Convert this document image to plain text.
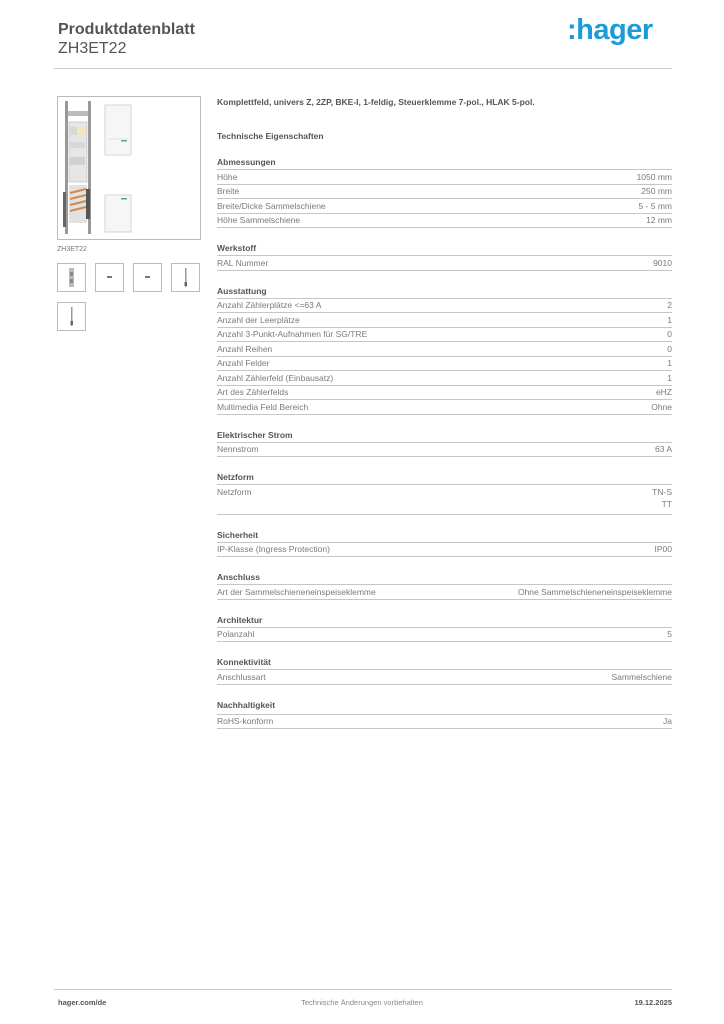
Produktdatenblatt
ZH3ET22
:hager
ZH3ET22
Komplettfeld, univers Z, 2ZP, BKE-I, 1-feldig, Steuerklemme 7-pol., HLAK 5-pol.
Technische Eigenschaften
Abmessungen
Höhe	1050 mm
Breite	250 mm
Breite/Dicke Sammelschiene	5 - 5 mm
Höhe Sammelschiene	12 mm
Werkstoff
RAL Nummer	9010
Ausstattung
Anzahl Zählerplätze <=63 A	2
Anzahl der Leerplätze	1
Anzahl 3-Punkt-Aufnahmen für SG/TRE	0
Anzahl Reihen	0
Anzahl Felder	1
Anzahl Zählerfeld (Einbausatz)	1
Art des Zählerfelds	eHZ
Multimedia Feld Bereich	Ohne
Elektrischer Strom
Nennstrom	63 A
Netzform
Netzform	TN-S
TT
Sicherheit
IP-Klasse (Ingress Protection)	IP00
Anschluss
Art der Sammelschieneneinspeiseklemme	Ohne Sammelschieneneinspeiseklemme
Architektur
Polanzahl	5
Konnektivität
Anschlussart	Sammelschiene
Nachhaltigkeit
RoHS-konform	Ja
Technische Änderungen vorbehalten
hager.com/de	19.12.2025
